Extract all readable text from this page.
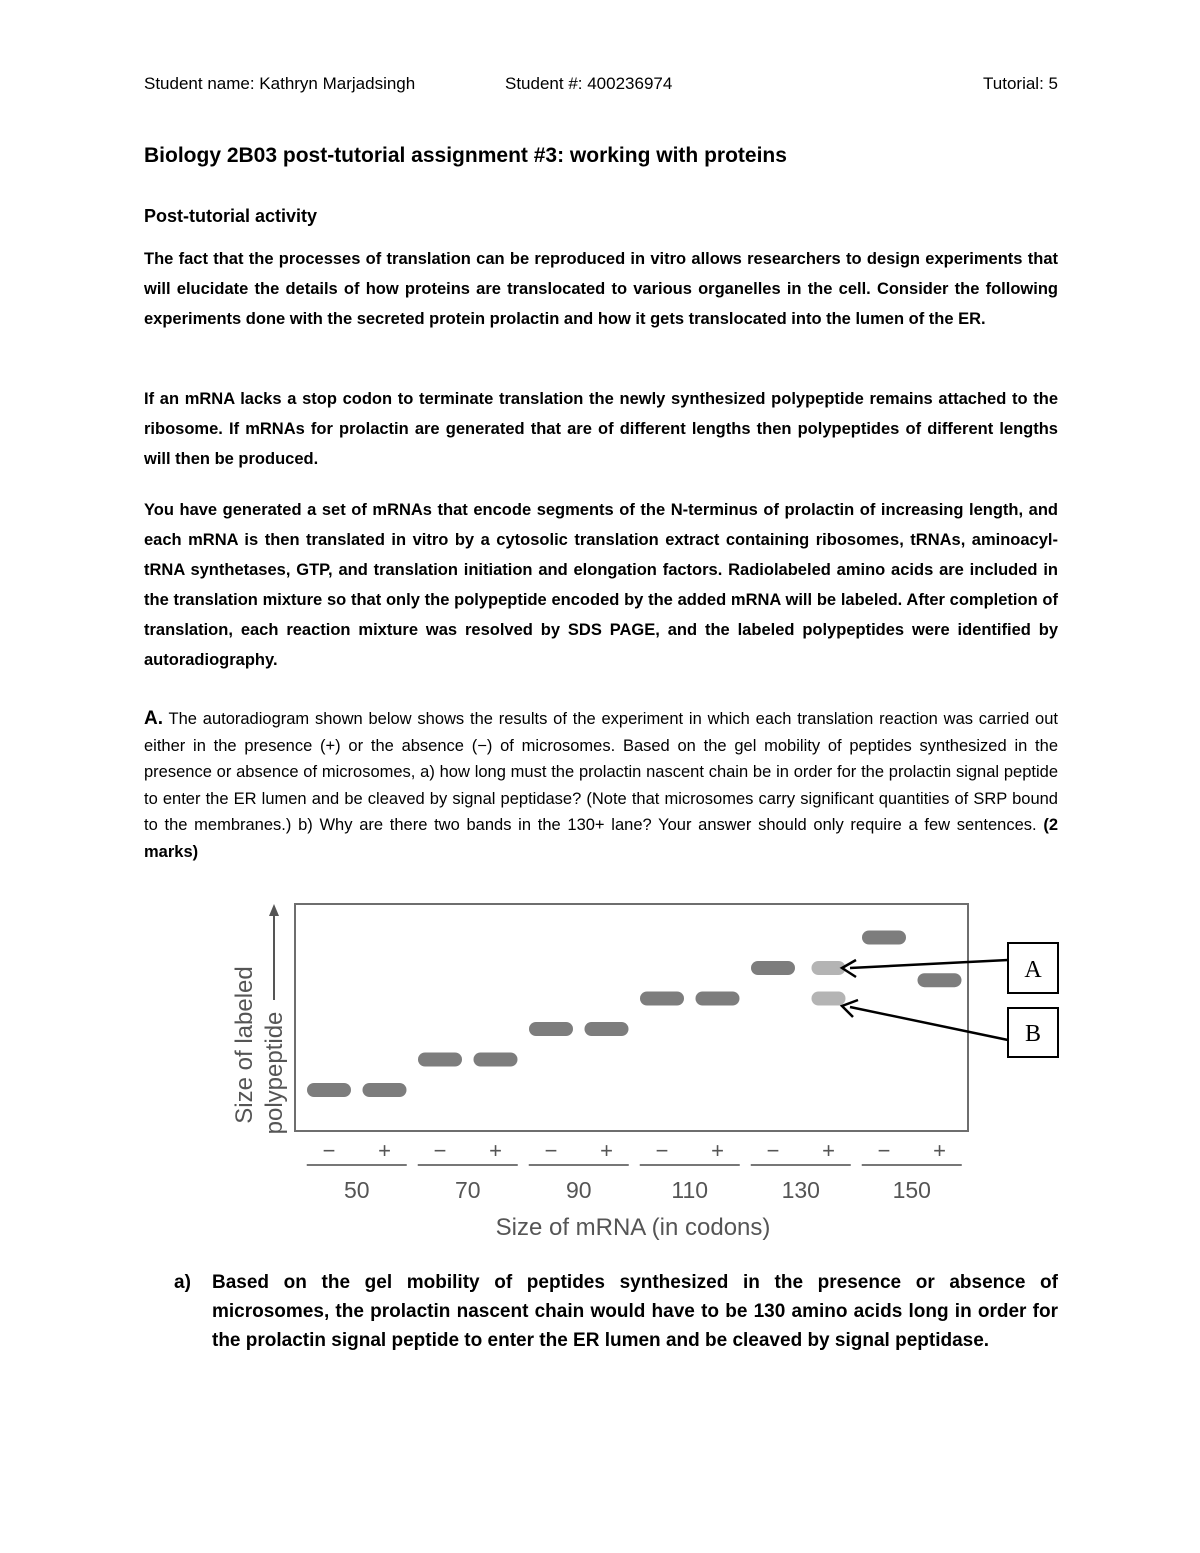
Student name: Kathryn Marjadsingh	Student #: 400236974	Tutorial: 5
Biology 2B03 post-tutorial assignment #3: working with proteins
Post-tutorial activity

The fact that the processes of translation can be reproduced in vitro allows researchers to design experiments that will elucidate the details of how proteins are translocated to various organelles in the cell. Consider the following experiments done with the secreted protein prolactin and how it gets translocated into the lumen of the ER.

If an mRNA lacks a stop codon to terminate translation the newly synthesized polypeptide remains attached to the ribosome. If mRNAs for prolactin are generated that are of different lengths then polypeptides of different lengths will then be produced.

You have generated a set of mRNAs that encode segments of the N-terminus of prolactin of increasing length, and each mRNA is then translated in vitro by a cytosolic translation extract containing ribosomes, tRNAs, aminoacyl-tRNA synthetases, GTP, and translation initiation and elongation factors. Radiolabeled amino acids are included in the translation mixture so that only the polypeptide encoded by the added mRNA will be labeled. After completion of translation, each reaction mixture was resolved by SDS PAGE, and the labeled polypeptides were identified by autoradiography.

A. The autoradiogram shown below shows the results of the experiment in which each translation reaction was carried out either in the presence (+) or the absence (−) of microsomes. Based on the gel mobility of peptides synthesized in the presence or absence of microsomes, a) how long must the prolactin nascent chain be in order for the prolactin signal peptide to enter the ER lumen and be cleaved by signal peptidase? (Note that microsomes carry significant quantities of SRP bound to the membranes.) b) Why are there two bands in the 130+ lane? Your answer should only require a few sentences. (2 marks)

Size of labeled polypeptide
Size of mRNA (in codons)
− + − + − + − + − + − +
50	70	90	110	130	150
A
B
a) Based on the gel mobility of peptides synthesized in the presence or absence of microsomes, the prolactin nascent chain would have to be 130 amino acids long in order for the prolactin signal peptide to enter the ER lumen and be cleaved by signal peptidase.
